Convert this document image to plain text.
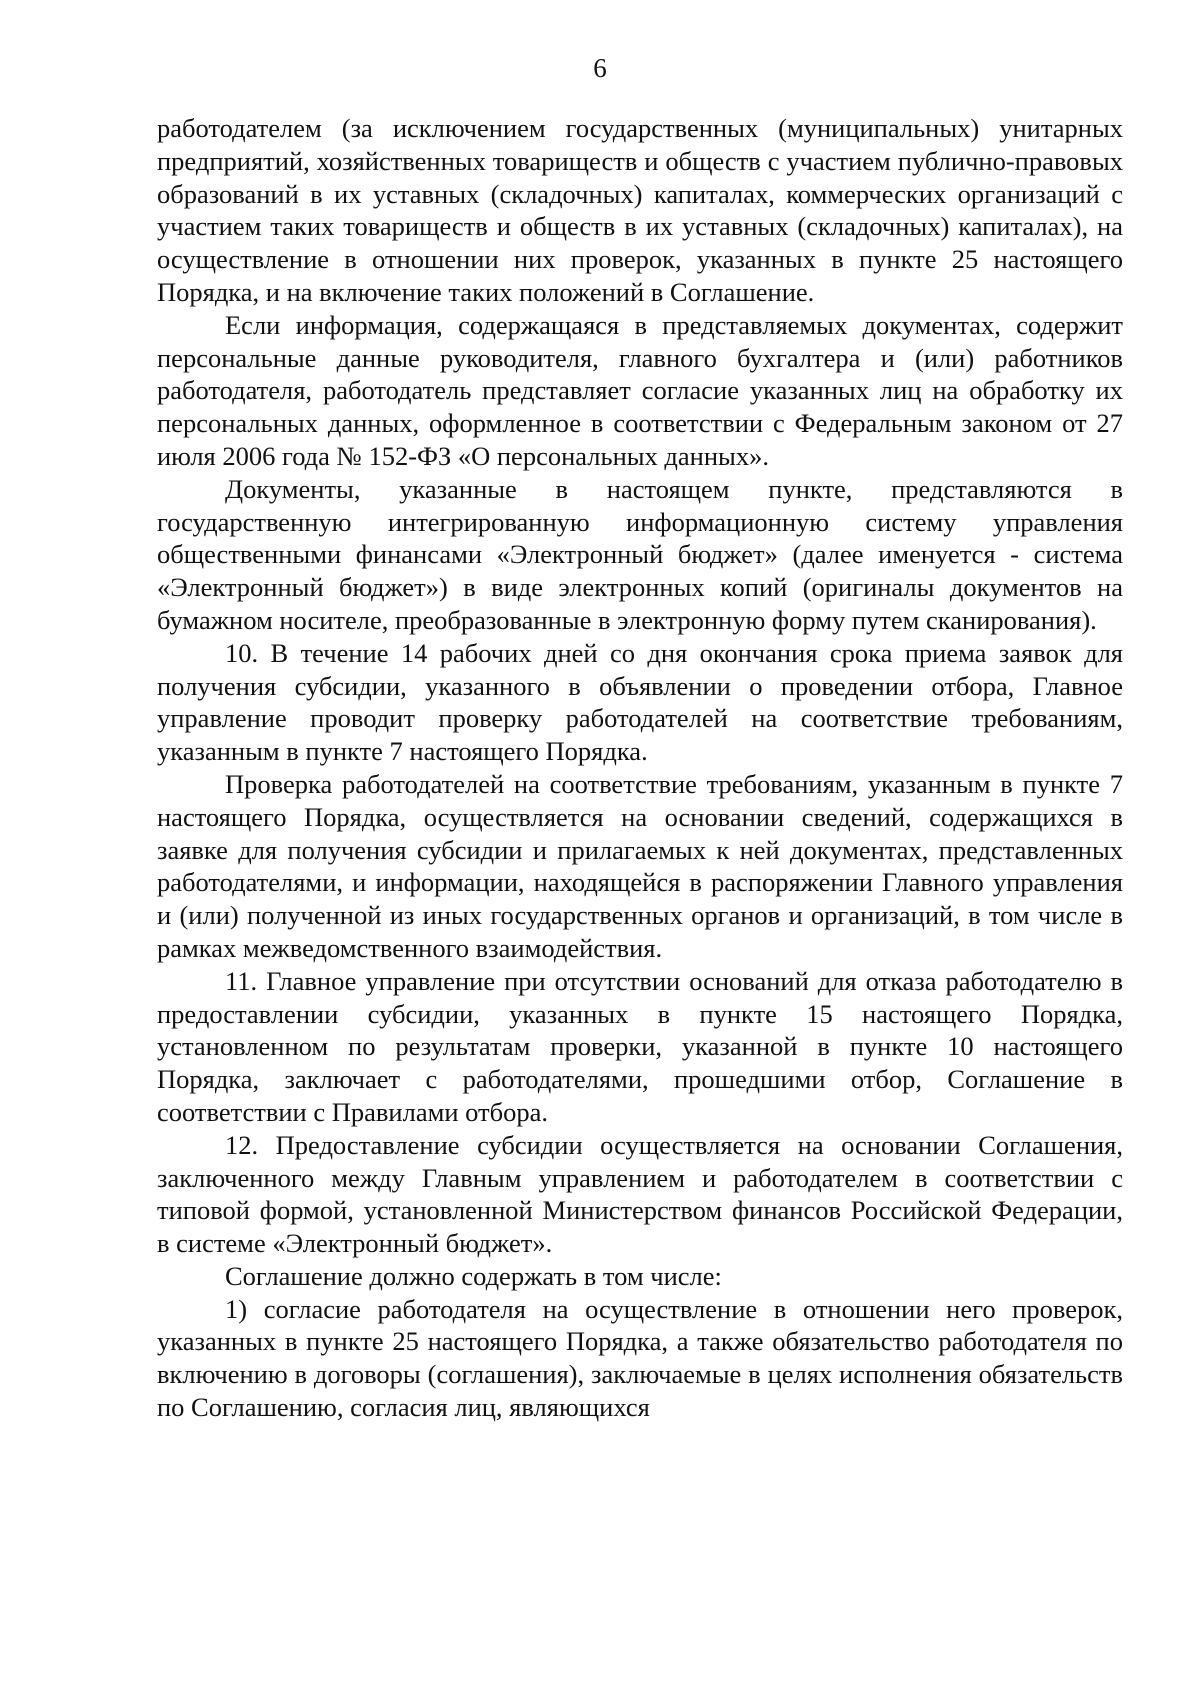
6

работодателем (за исключением государственных (муниципальных) унитарных предприятий, хозяйственных товариществ и обществ с участием публично-правовых образований в их уставных (складочных) капиталах, коммерческих организаций с участием таких товариществ и обществ в их уставных (складочных) капиталах), на осуществление в отношении них проверок, указанных в пункте 25 настоящего Порядка, и на включение таких положений в Соглашение.

Если информация, содержащаяся в представляемых документах, содержит персональные данные руководителя, главного бухгалтера и (или) работников работодателя, работодатель представляет согласие указанных лиц на обработку их персональных данных, оформленное в соответствии с Федеральным законом от 27 июля 2006 года № 152-ФЗ «О персональных данных».

Документы, указанные в настоящем пункте, представляются в государственную интегрированную информационную систему управления общественными финансами «Электронный бюджет» (далее именуется - система «Электронный бюджет») в виде электронных копий (оригиналы документов на бумажном носителе, преобразованные в электронную форму путем сканирования).

10. В течение 14 рабочих дней со дня окончания срока приема заявок для получения субсидии, указанного в объявлении о проведении отбора, Главное управление проводит проверку работодателей на соответствие требованиям, указанным в пункте 7 настоящего Порядка.

Проверка работодателей на соответствие требованиям, указанным в пункте 7 настоящего Порядка, осуществляется на основании сведений, содержащихся в заявке для получения субсидии и прилагаемых к ней документах, представленных работодателями, и информации, находящейся в распоряжении Главного управления и (или) полученной из иных государственных органов и организаций, в том числе в рамках межведомственного взаимодействия.

11. Главное управление при отсутствии оснований для отказа работодателю в предоставлении субсидии, указанных в пункте 15 настоящего Порядка, установленном по результатам проверки, указанной в пункте 10 настоящего Порядка, заключает с работодателями, прошедшими отбор, Соглашение в соответствии с Правилами отбора.

12. Предоставление субсидии осуществляется на основании Соглашения, заключенного между Главным управлением и работодателем в соответствии с типовой формой, установленной Министерством финансов Российской Федерации, в системе «Электронный бюджет».

Соглашение должно содержать в том числе:

1) согласие работодателя на осуществление в отношении него проверок, указанных в пункте 25 настоящего Порядка, а также обязательство работодателя по включению в договоры (соглашения), заключаемые в целях исполнения обязательств по Соглашению, согласия лиц, являющихся
